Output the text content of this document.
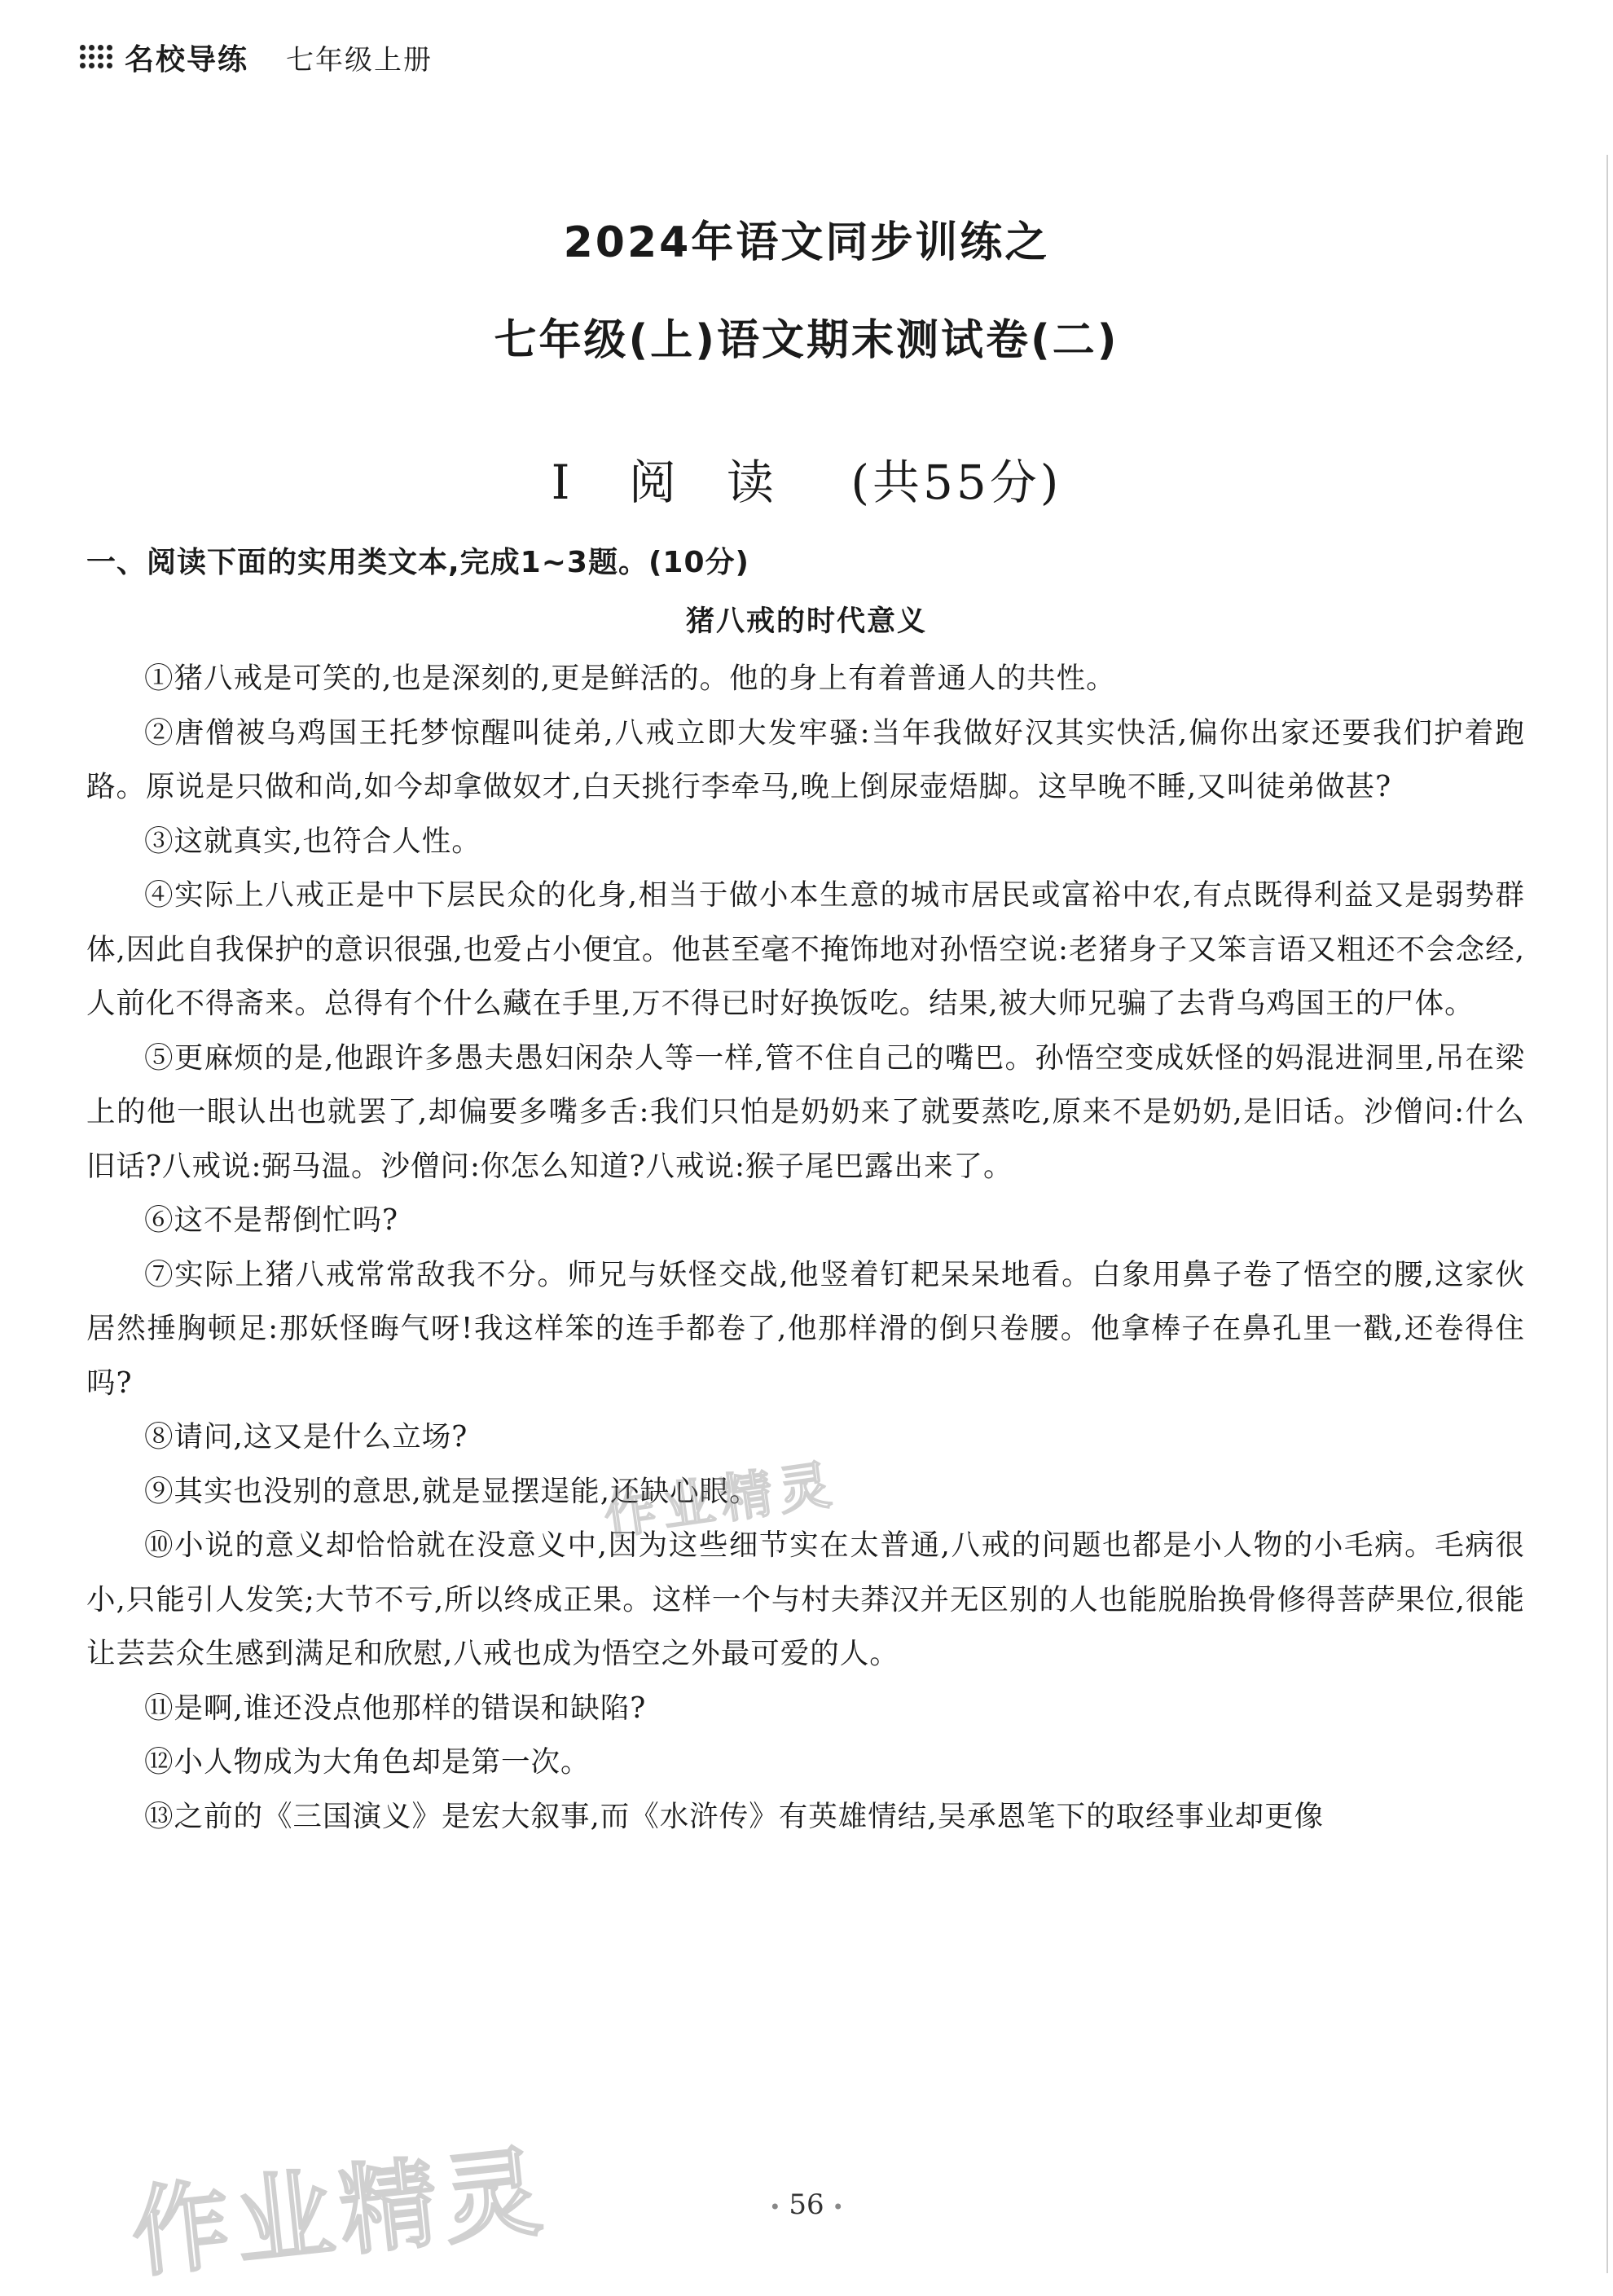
名校导练 七年级上册
2024年语文同步训练之
七年级(上)语文期末测试卷(二)
I 阅读 (共55分)
一、阅读下面的实用类文本,完成1~3题。(10分)
猪八戒的时代意义

①猪八戒是可笑的,也是深刻的,更是鲜活的。他的身上有着普通人的共性。

②唐僧被乌鸡国王托梦惊醒叫徒弟,八戒立即大发牢骚:当年我做好汉其实快活,偏你出家还要我们护着跑路。原说是只做和尚,如今却拿做奴才,白天挑行李牵马,晚上倒尿壶焐脚。这早晚不睡,又叫徒弟做甚?

③这就真实,也符合人性。

④实际上八戒正是中下层民众的化身,相当于做小本生意的城市居民或富裕中农,有点既得利益又是弱势群体,因此自我保护的意识很强,也爱占小便宜。他甚至毫不掩饰地对孙悟空说:老猪身子又笨言语又粗还不会念经,人前化不得斋来。总得有个什么藏在手里,万不得已时好换饭吃。结果,被大师兄骗了去背乌鸡国王的尸体。

⑤更麻烦的是,他跟许多愚夫愚妇闲杂人等一样,管不住自己的嘴巴。孙悟空变成妖怪的妈混进洞里,吊在梁上的他一眼认出也就罢了,却偏要多嘴多舌:我们只怕是奶奶来了就要蒸吃,原来不是奶奶,是旧话。沙僧问:什么旧话?八戒说:弼马温。沙僧问:你怎么知道?八戒说:猴子尾巴露出来了。

⑥这不是帮倒忙吗?

⑦实际上猪八戒常常敌我不分。师兄与妖怪交战,他竖着钉耙呆呆地看。白象用鼻子卷了悟空的腰,这家伙居然捶胸顿足:那妖怪晦气呀!我这样笨的连手都卷了,他那样滑的倒只卷腰。他拿棒子在鼻孔里一戳,还卷得住吗?

⑧请问,这又是什么立场?

⑨其实也没别的意思,就是显摆逞能,还缺心眼。

⑩小说的意义却恰恰就在没意义中,因为这些细节实在太普通,八戒的问题也都是小人物的小毛病。毛病很小,只能引人发笑;大节不亏,所以终成正果。这样一个与村夫莽汉并无区别的人也能脱胎换骨修得菩萨果位,很能让芸芸众生感到满足和欣慰,八戒也成为悟空之外最可爱的人。

⑪是啊,谁还没点他那样的错误和缺陷?

⑫小人物成为大角色却是第一次。

⑬之前的《三国演义》是宏大叙事,而《水浒传》有英雄情结,吴承恩笔下的取经事业却更像

作业精灵
• 56 •
作业精灵
